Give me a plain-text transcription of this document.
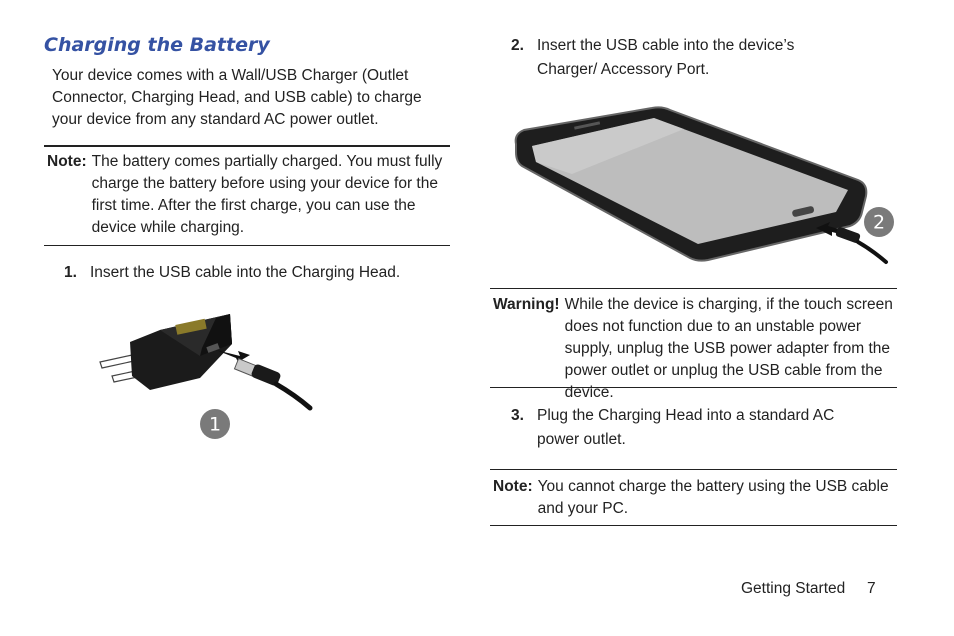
Charging the Battery

Your device comes with a Wall/USB Charger (Outlet Connector, Charging Head, and USB cable) to charge your device from any standard AC power outlet.

Note: The battery comes partially charged. You must fully charge the battery before using your device for the first time. After the first charge, you can use the device while charging.
1. Insert the USB cable into the Charging Head.
1
2. Insert the USB cable into the device’s Charger/ Accessory Port.
2
Warning! While the device is charging, if the touch screen does not function due to an unstable power supply, unplug the USB power adapter from the power outlet or unplug the USB cable from the device.
3. Plug the Charging Head into a standard AC power outlet.
Note: You cannot charge the battery using the USB cable and your PC.
Getting Started 7
